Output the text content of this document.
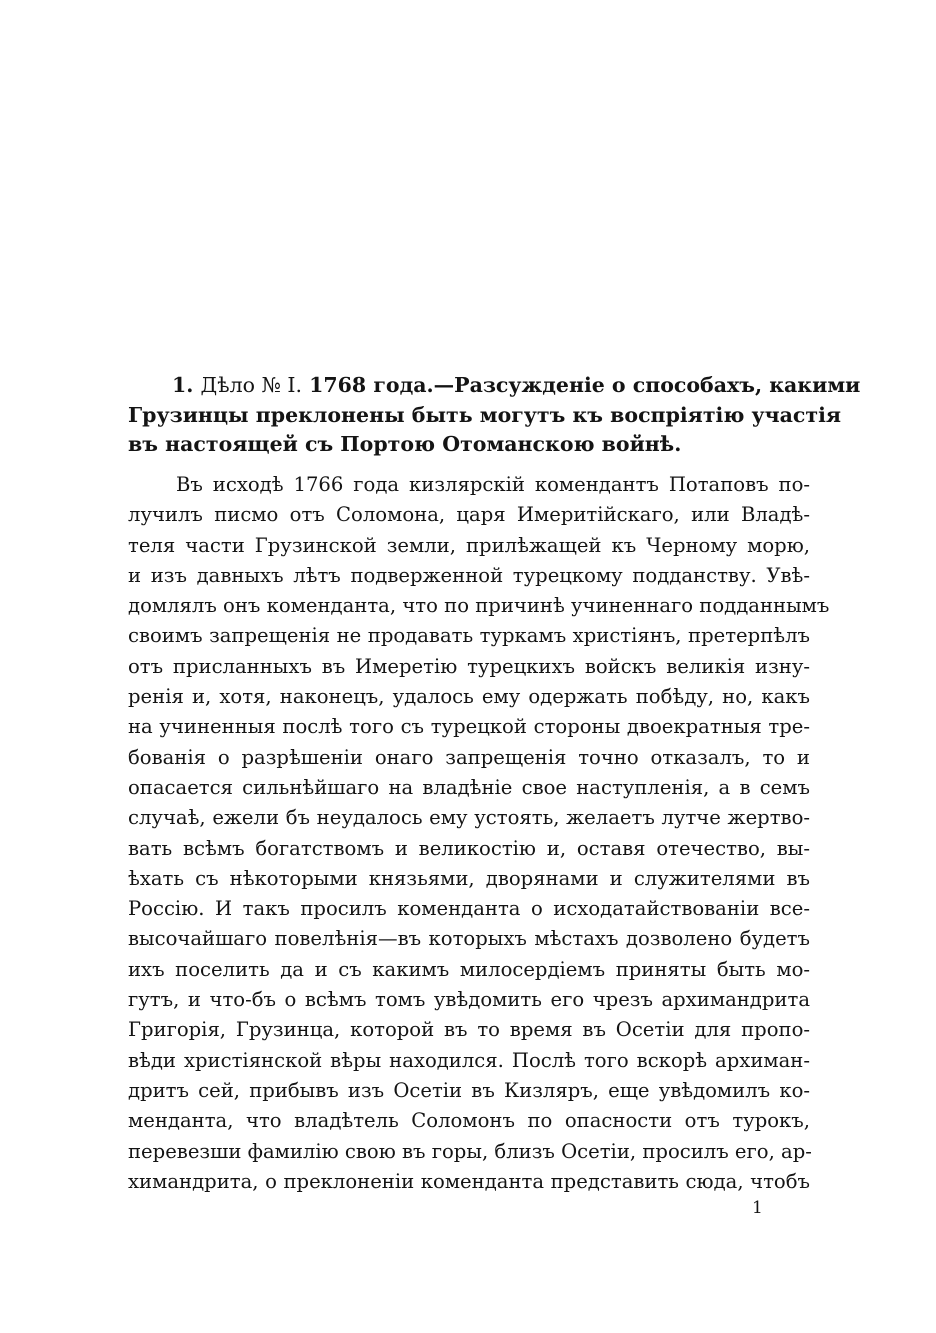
1. Дѣло № I. 1768 года.—Разсужденіе о способахъ, какими
Грузинцы преклонены быть могутъ къ воспріятію участія
въ настоящей съ Портою Отоманскою войнѣ.
Въ исходѣ 1766 года кизлярскій комендантъ Потаповъ по-
лучилъ писмо отъ Соломона, царя Имеритійскаго, или Владѣ-
теля части Грузинской земли, прилѣжащей къ Черному морю,
и изъ давныхъ лѣтъ подверженной турецкому подданству. Увѣ-
домлялъ онъ коменданта, что по причинѣ учиненнаго подданнымъ
своимъ запрещенія не продавать туркамъ христіянъ, претерпѣлъ
отъ присланныхъ въ Имеретію турецкихъ войскъ великія изну-
ренія и, хотя, наконецъ, удалось ему одержать побѣду, но, какъ
на учиненныя послѣ того съ турецкой стороны двоекратныя тре-
бованія о разрѣшеніи онаго запрещенія точно отказалъ, то и
опасается сильнѣйшаго на владѣніе свое наступленія, а в семъ
случаѣ, ежели бъ неудалось ему устоять, желаетъ лутче жертво-
вать всѣмъ богатствомъ и великостію и, оставя отечество, вы-
ѣхать съ нѣкоторыми князьями, дворянами и служителями въ
Россію. И такъ просилъ коменданта о исходатайствованіи все-
высочайшаго повелѣнія—въ которыхъ мѣстахъ дозволено будетъ
ихъ поселить да и съ какимъ милосердіемъ приняты быть мо-
гутъ, и что-бъ о всѣмъ томъ увѣдомить его чрезъ архимандрита
Григорія, Грузинца, которой въ то время въ Осетіи для пропо-
вѣди христіянской вѣры находился. Послѣ того вскорѣ архиман-
дритъ сей, прибывъ изъ Осетіи въ Кизляръ, еще увѣдомилъ ко-
менданта, что владѣтель Соломонъ по опасности отъ турокъ,
перевезши фамилію свою въ горы, близъ Осетіи, просилъ его, ар-
химандрита, о преклоненіи коменданта представить сюда, чтобъ
1
